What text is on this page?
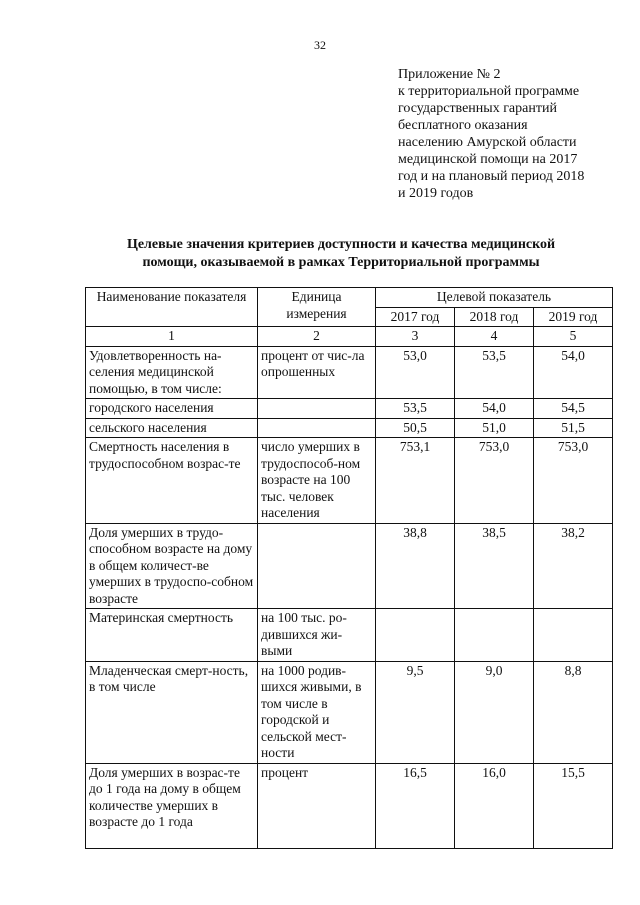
32
Приложение № 2
к территориальной программе
государственных гарантий
бесплатного оказания
населению Амурской области
медицинской помощи на 2017
год и на плановый период 2018
и 2019 годов
Целевые значения критериев доступности и качества медицинской
помощи, оказываемой в рамках Территориальной программы
Наименование показателя	Единица измерения	Целевой показатель		
		2017 год	2018 год	2019 год
1	2	3	4	5
Удовлетворенность на-селения медицинской помощью, в том числе:	процент от чис-ла опрошенных	53,0	53,5	54,0
городского населения		53,5	54,0	54,5
сельского населения		50,5	51,0	51,5
Смертность населения в трудоспособном возрас-те	число умерших в трудоспособ-ном возрасте на 100 тыс. человек населения	753,1	753,0	753,0
Доля умерших в трудо-способном возрасте на дому в общем количест-ве умерших в трудоспо-собном возрасте		38,8	38,5	38,2
Материнская смертность	на 100 тыс. ро-дившихся жи-выми			
Младенческая смерт-ность, в том числе	на 1000 родив-шихся живыми, в том числе в городской и сельской мест-ности	9,5	9,0	8,8
Доля умерших в возрас-те до 1 года на дому в общем количестве умерших в возрасте до 1 года	процент	16,5	16,0	15,5
